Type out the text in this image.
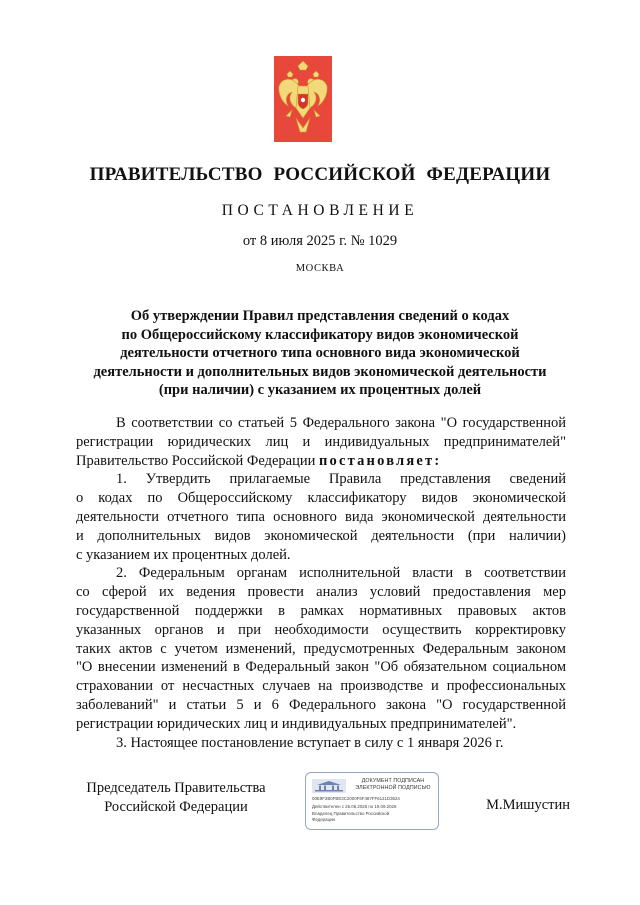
ПРАВИТЕЛЬСТВО РОССИЙСКОЙ ФЕДЕРАЦИИ
ПОСТАНОВЛЕНИЕ
от 8 июля 2025 г. № 1029
МОСКВА
Об утверждении Правил представления сведений о кодах
по Общероссийскому классификатору видов экономической
деятельности отчетного типа основного вида экономической
деятельности и дополнительных видов экономической деятельности
(при наличии) с указанием их процентных долей
В соответствии со статьей 5 Федерального закона "О государственной
регистрации юридических лиц и индивидуальных предпринимателей"
Правительство Российской Федерации постановляет:
1. Утвердить прилагаемые Правила представления сведений
о кодах по Общероссийскому классификатору видов экономической
деятельности отчетного типа основного вида экономической деятельности
и дополнительных видов экономической деятельности (при наличии)
с указанием их процентных долей.
2. Федеральным органам исполнительной власти в соответствии
со сферой их ведения провести анализ условий предоставления мер
государственной поддержки в рамках нормативных правовых актов
указанных органов и при необходимости осуществить корректировку
таких актов с учетом изменений, предусмотренных Федеральным законом
"О внесении изменений в Федеральный закон "Об обязательном социальном
страховании от несчастных случаев на производстве и профессиональных
заболеваний" и статьи 5 и 6 Федерального закона "О государственной
регистрации юридических лиц и индивидуальных предпринимателей".
3. Настоящее постановление вступает в силу с 1 января 2026 г.
Председатель Правительства
Российской Федерации
ДОКУМЕНТ ПОДПИСАН
ЭЛЕКТРОННОЙ ПОДПИСЬЮ
00E9F2B0FBE3C2000F6F487FF6121D3624
Действителен с 26.06.2025 по 19.09.2026
Владелец Правительство Российской
Федерации
М.Мишустин
